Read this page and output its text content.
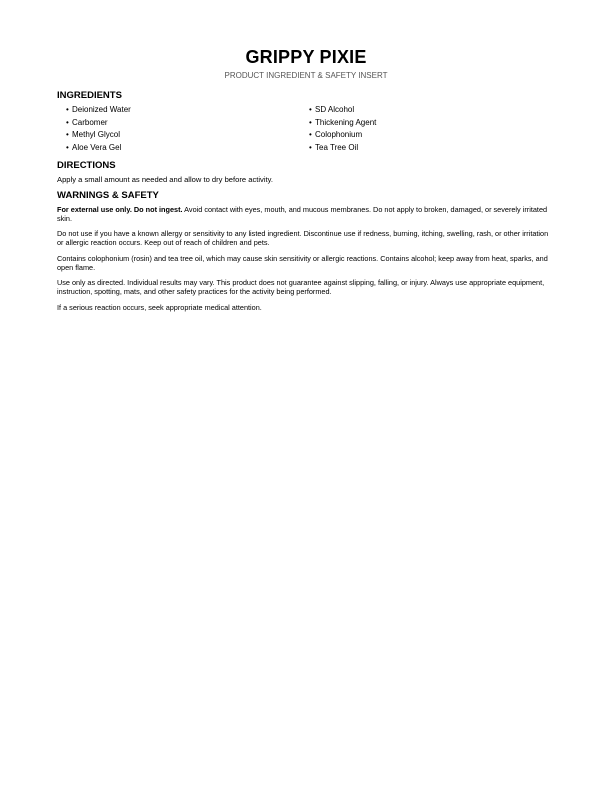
GRIPPY PIXIE
PRODUCT INGREDIENT & SAFETY INSERT
INGREDIENTS
• Deionized Water
• Carbomer
• Methyl Glycol
• Aloe Vera Gel
• SD Alcohol
• Thickening Agent
• Colophonium
• Tea Tree Oil
DIRECTIONS

Apply a small amount as needed and allow to dry before activity.

WARNINGS & SAFETY

For external use only. Do not ingest. Avoid contact with eyes, mouth, and mucous membranes. Do not apply to broken, damaged, or severely irritated skin.

Do not use if you have a known allergy or sensitivity to any listed ingredient. Discontinue use if redness, burning, itching, swelling, rash, or other irritation or allergic reaction occurs. Keep out of reach of children and pets.

Contains colophonium (rosin) and tea tree oil, which may cause skin sensitivity or allergic reactions. Contains alcohol; keep away from heat, sparks, and open flame.

Use only as directed. Individual results may vary. This product does not guarantee against slipping, falling, or injury. Always use appropriate equipment, instruction, spotting, mats, and other safety practices for the activity being performed.

If a serious reaction occurs, seek appropriate medical attention.
